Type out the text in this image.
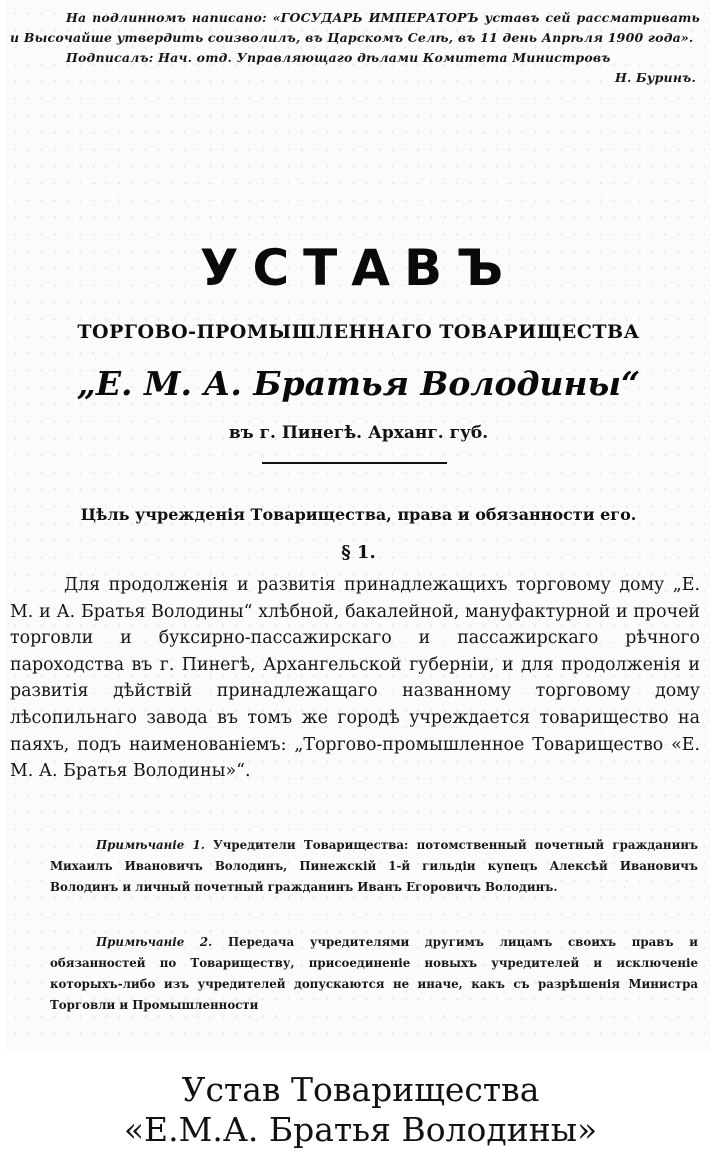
На подлинномъ написано: «ГОСУДАРЬ ИМПЕРАТОРЪ уставъ сей рассматривать и Высочайше утвердить соизволилъ, въ Царскомъ Селѣ, въ 11 день Апрѣля 1900 года».

Подписалъ: Нач. отд. Управляющаго дѣлами Комитета Министровъ

Н. Буринъ.

УСТАВЪ
ТОРГОВО-ПРОМЫШЛЕННАГО ТОВАРИЩЕСТВА
„Е. М. А. Братья Володины“
въ г. Пинегѣ. Арханг. губ.
Цѣль учрежденія Товарищества, права и обязанности его.
§ 1.

Для продолженія и развитія принадлежащихъ торговому дому „Е. М. и А. Братья Володины“ хлѣбной, бакалейной, мануфактурной и прочей торговли и буксирно-пассажирскаго и пассажирскаго рѣчного пароходства въ г. Пинегѣ, Архангельской губерніи, и для продолженія и развитія дѣйствій принадлежащаго названному торговому дому лѣсопильнаго завода въ томъ же городѣ учреждается товарищество на паяхъ, подъ наименованіемъ: „Торгово-промышленное Товарищество «Е. М. А. Братья Володины»“.

Примѣчаніе 1. Учредители Товарищества: потомственный почетный гражданинъ Михаилъ Ивановичъ Володинъ, Пинежскій 1-й гильдіи купецъ Алексѣй Ивановичъ Володинъ и личный почетный гражданинъ Иванъ Егоровичъ Володинъ.

Примѣчаніе 2. Передача учредителями другимъ лицамъ своихъ правъ и обязанностей по Товариществу, присоединеніе новыхъ учредителей и исключеніе которыхъ-либо изъ учредителей допускаются не иначе, какъ съ разрѣшенія Министра Торговли и Промышленности

Устав Товарищества
«Е.М.А. Братья Володины»
